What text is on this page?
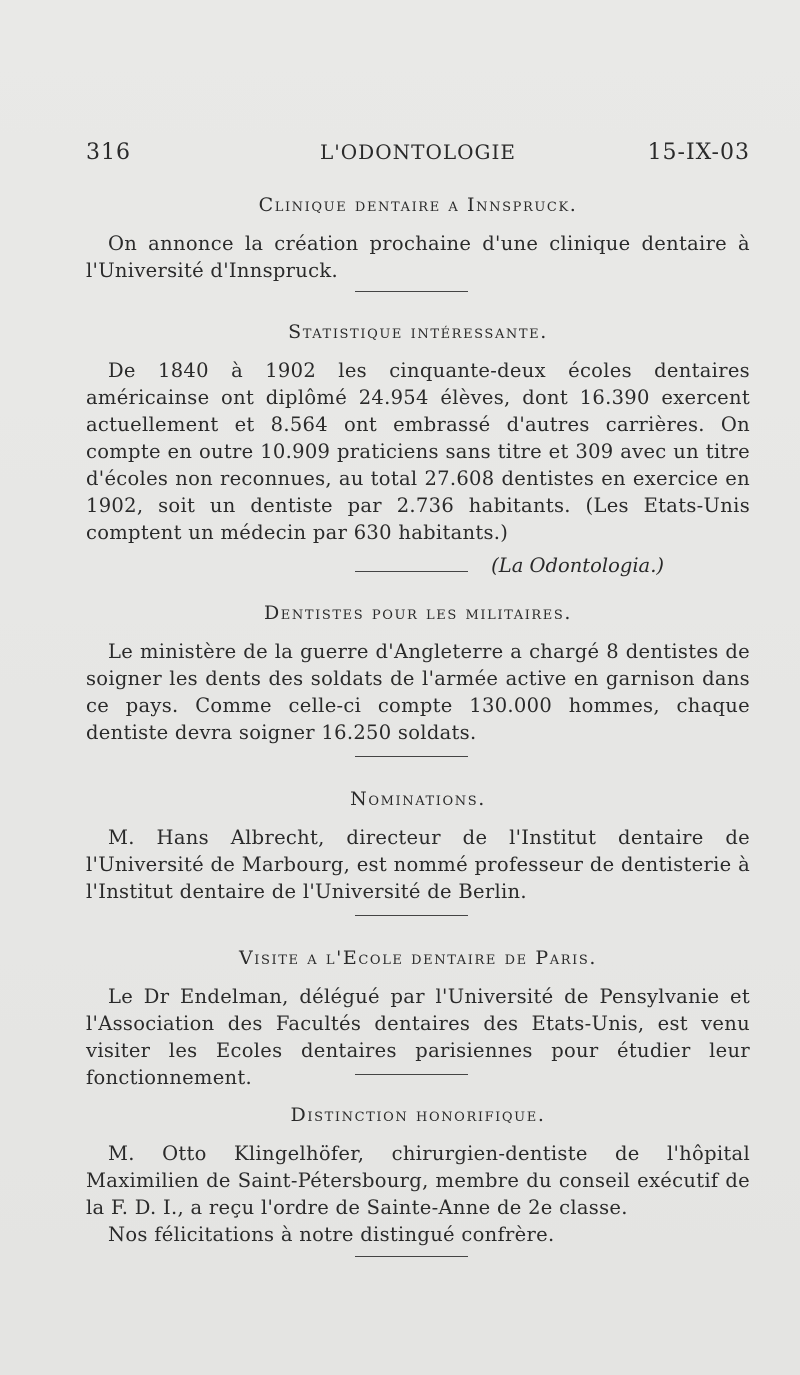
316	L'ODONTOLOGIE	15-IX-03
Clinique dentaire a Innspruck.

On annonce la création prochaine d'une clinique dentaire à l'Université d'Innspruck.

Statistique intéressante.

De 1840 à 1902 les cinquante-deux écoles dentaires américainse ont diplômé 24.954 élèves, dont 16.390 exercent actuellement et 8.564 ont embrassé d'autres carrières. On compte en outre 10.909 praticiens sans titre et 309 avec un titre d'écoles non reconnues, au total 27.608 dentistes en exercice en 1902, soit un dentiste par 2.736 habitants. (Les Etats-Unis comptent un médecin par 630 habitants.)

(La Odontologia.)
Dentistes pour les militaires.

Le ministère de la guerre d'Angleterre a chargé 8 dentistes de soigner les dents des soldats de l'armée active en garnison dans ce pays. Comme celle-ci compte 130.000 hommes, chaque dentiste devra soigner 16.250 soldats.

Nominations.

M. Hans Albrecht, directeur de l'Institut dentaire de l'Université de Marbourg, est nommé professeur de dentisterie à l'Institut dentaire de l'Université de Berlin.

Visite a l'Ecole dentaire de Paris.

Le Dr Endelman, délégué par l'Université de Pensylvanie et l'Association des Facultés dentaires des Etats-Unis, est venu visiter les Ecoles dentaires parisiennes pour étudier leur fonctionnement.

Distinction honorifique.

M. Otto Klingelhöfer, chirurgien-dentiste de l'hôpital Maximilien de Saint-Pétersbourg, membre du conseil exécutif de la F. D. I., a reçu l'ordre de Sainte-Anne de 2e classe.

Nos félicitations à notre distingué confrère.
